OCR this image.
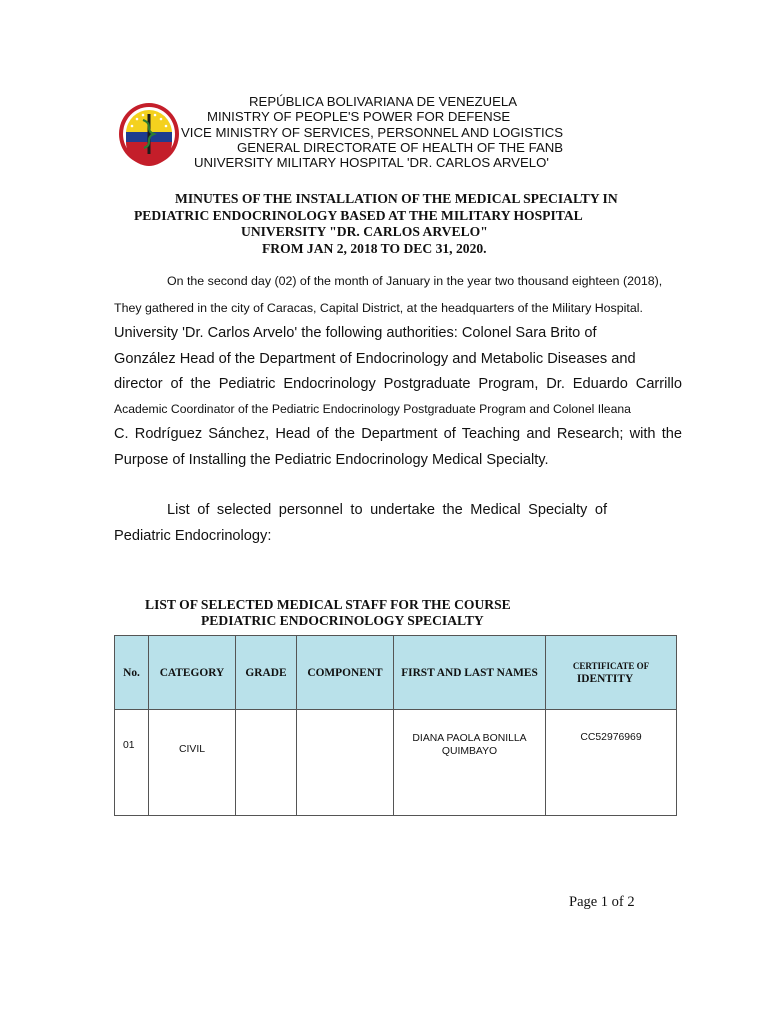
REPÚBLICA BOLIVARIANA DE VENEZUELA
MINISTRY OF PEOPLE'S POWER FOR DEFENSE
VICE MINISTRY OF SERVICES, PERSONNEL AND LOGISTICS
GENERAL DIRECTORATE OF HEALTH OF THE FANB
UNIVERSITY MILITARY HOSPITAL 'DR. CARLOS ARVELO'
MINUTES OF THE INSTALLATION OF THE MEDICAL SPECIALTY IN
PEDIATRIC ENDOCRINOLOGY BASED AT THE MILITARY HOSPITAL
UNIVERSITY "DR. CARLOS ARVELO"
FROM JAN 2, 2018 TO DEC 31, 2020.
On the second day (02) of the month of January in the year two thousand eighteen (2018),
They gathered in the city of Caracas, Capital District, at the headquarters of the Military Hospital.
University 'Dr. Carlos Arvelo' the following authorities: Colonel Sara Brito of
González Head of the Department of Endocrinology and Metabolic Diseases and
director of the Pediatric Endocrinology Postgraduate Program, Dr. Eduardo Carrillo
Academic Coordinator of the Pediatric Endocrinology Postgraduate Program and Colonel Ileana
C. Rodríguez Sánchez, Head of the Department of Teaching and Research; with the
Purpose of Installing the Pediatric Endocrinology Medical Specialty.
List of selected personnel to undertake the Medical Specialty of
Pediatric Endocrinology:
LIST OF SELECTED MEDICAL STAFF FOR THE COURSE
PEDIATRIC ENDOCRINOLOGY SPECIALTY
No.	CATEGORY	GRADE	COMPONENT	FIRST AND LAST NAMES	CERTIFICATE OF
IDENTITY

01	CIVIL			DIANA PAOLA BONILLA
QUIMBAYO	CC52976969
Page 1 of 2
